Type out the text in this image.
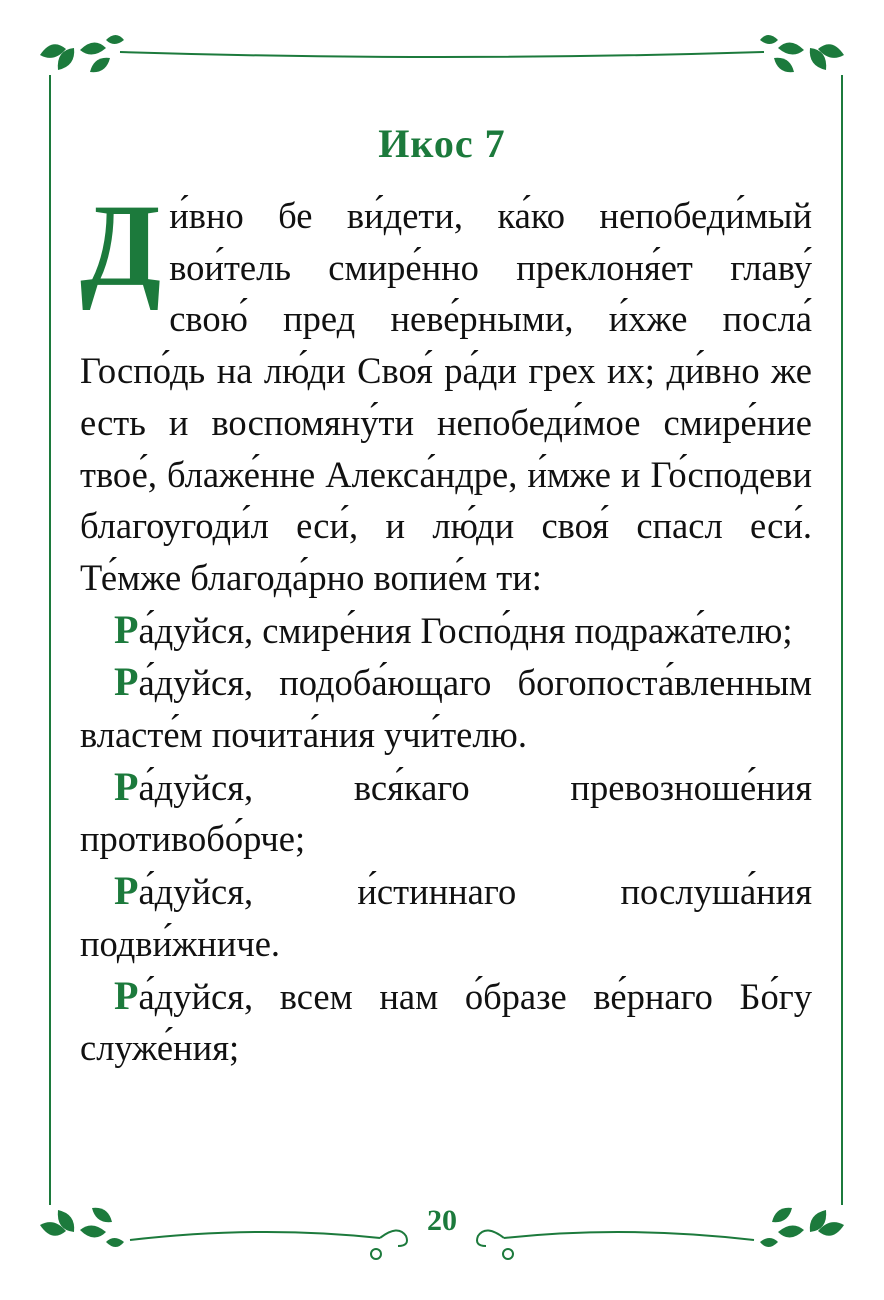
Икос 7

Ди́вно бе ви́дети, ка́ко непобеди́мый вои́тель смире́нно преклоня́ет главу́ свою́ пред неве́рными, и́хже посла́ Госпо́дь на лю́ди Своя́ ра́ди грех их; ди́вно же есть и воспомяну́ти непобеди́мое смире́ние твое́, блаже́нне Алекса́ндре, и́мже и Го́сподеви благоугоди́л еси́, и лю́ди своя́ спасл еси́. Те́мже благода́рно вопие́м ти:

Ра́дуйся, смире́ния Госпо́дня подража́телю;

Ра́дуйся, подоба́ющаго богопоста́вленным власте́м почита́ния учи́телю.

Ра́дуйся, вся́каго превозноше́ния противобо́рче;

Ра́дуйся, и́стиннаго послуша́ния подви́жниче.

Ра́дуйся, всем нам о́бразе ве́рнаго Бо́гу служе́ния;

20
